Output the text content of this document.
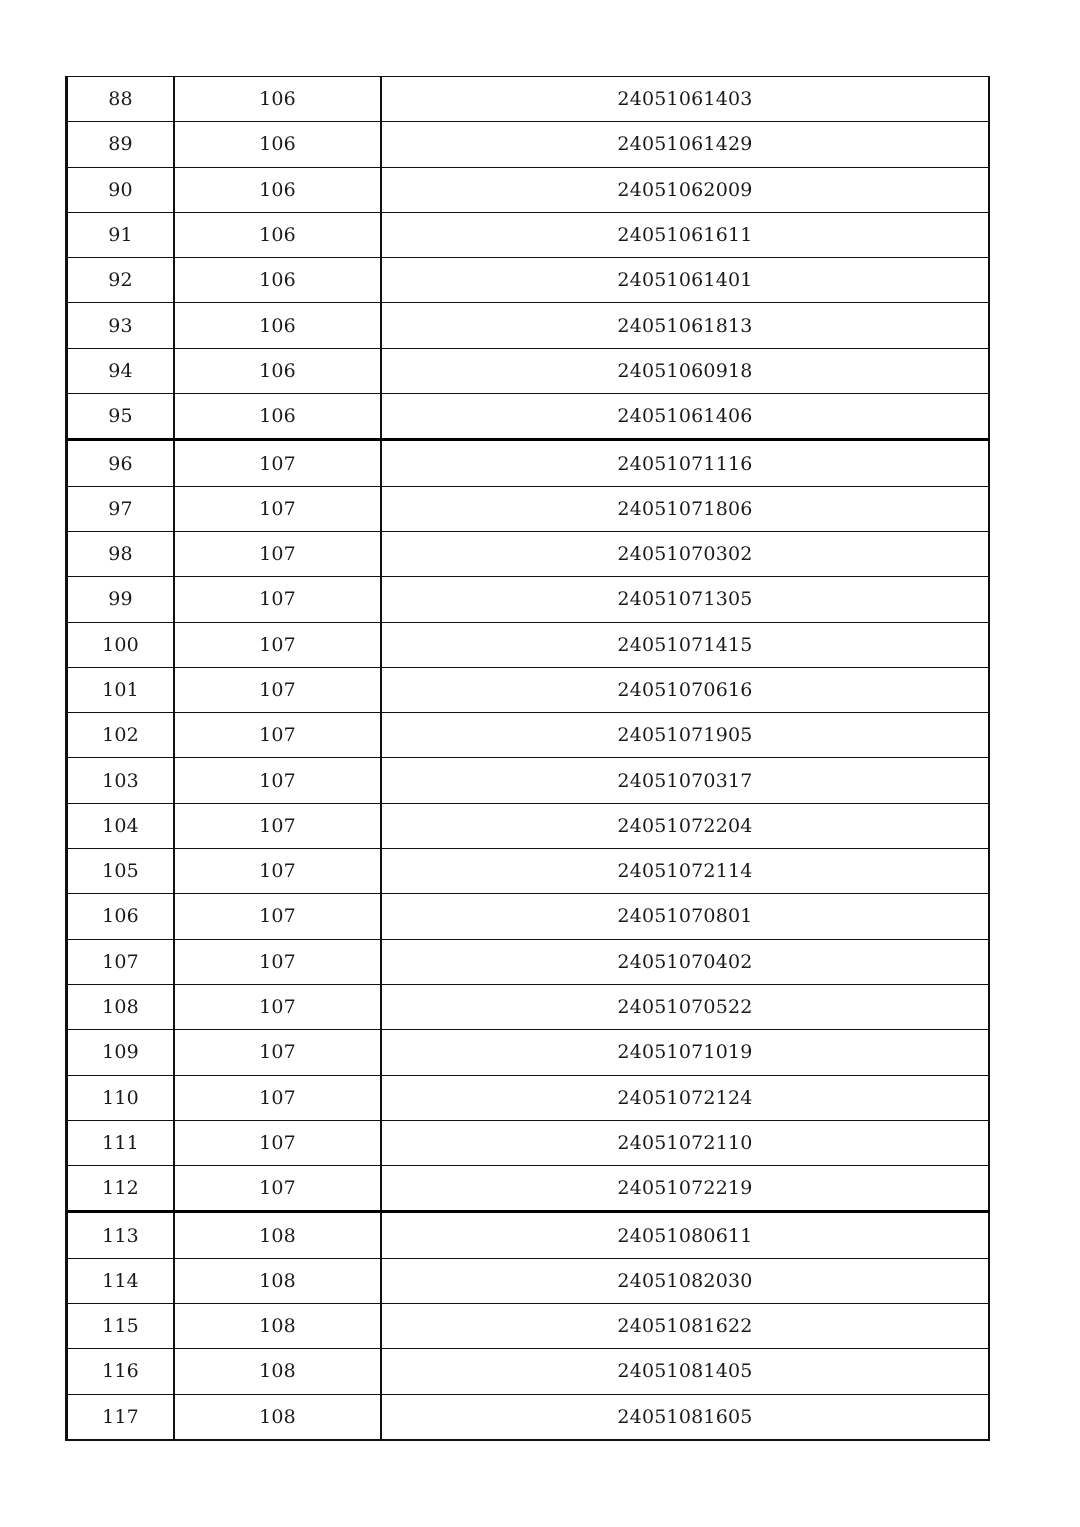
88	106	24051061403
89	106	24051061429
90	106	24051062009
91	106	24051061611
92	106	24051061401
93	106	24051061813
94	106	24051060918
95	106	24051061406
96	107	24051071116
97	107	24051071806
98	107	24051070302
99	107	24051071305
100	107	24051071415
101	107	24051070616
102	107	24051071905
103	107	24051070317
104	107	24051072204
105	107	24051072114
106	107	24051070801
107	107	24051070402
108	107	24051070522
109	107	24051071019
110	107	24051072124
111	107	24051072110
112	107	24051072219
113	108	24051080611
114	108	24051082030
115	108	24051081622
116	108	24051081405
117	108	24051081605
